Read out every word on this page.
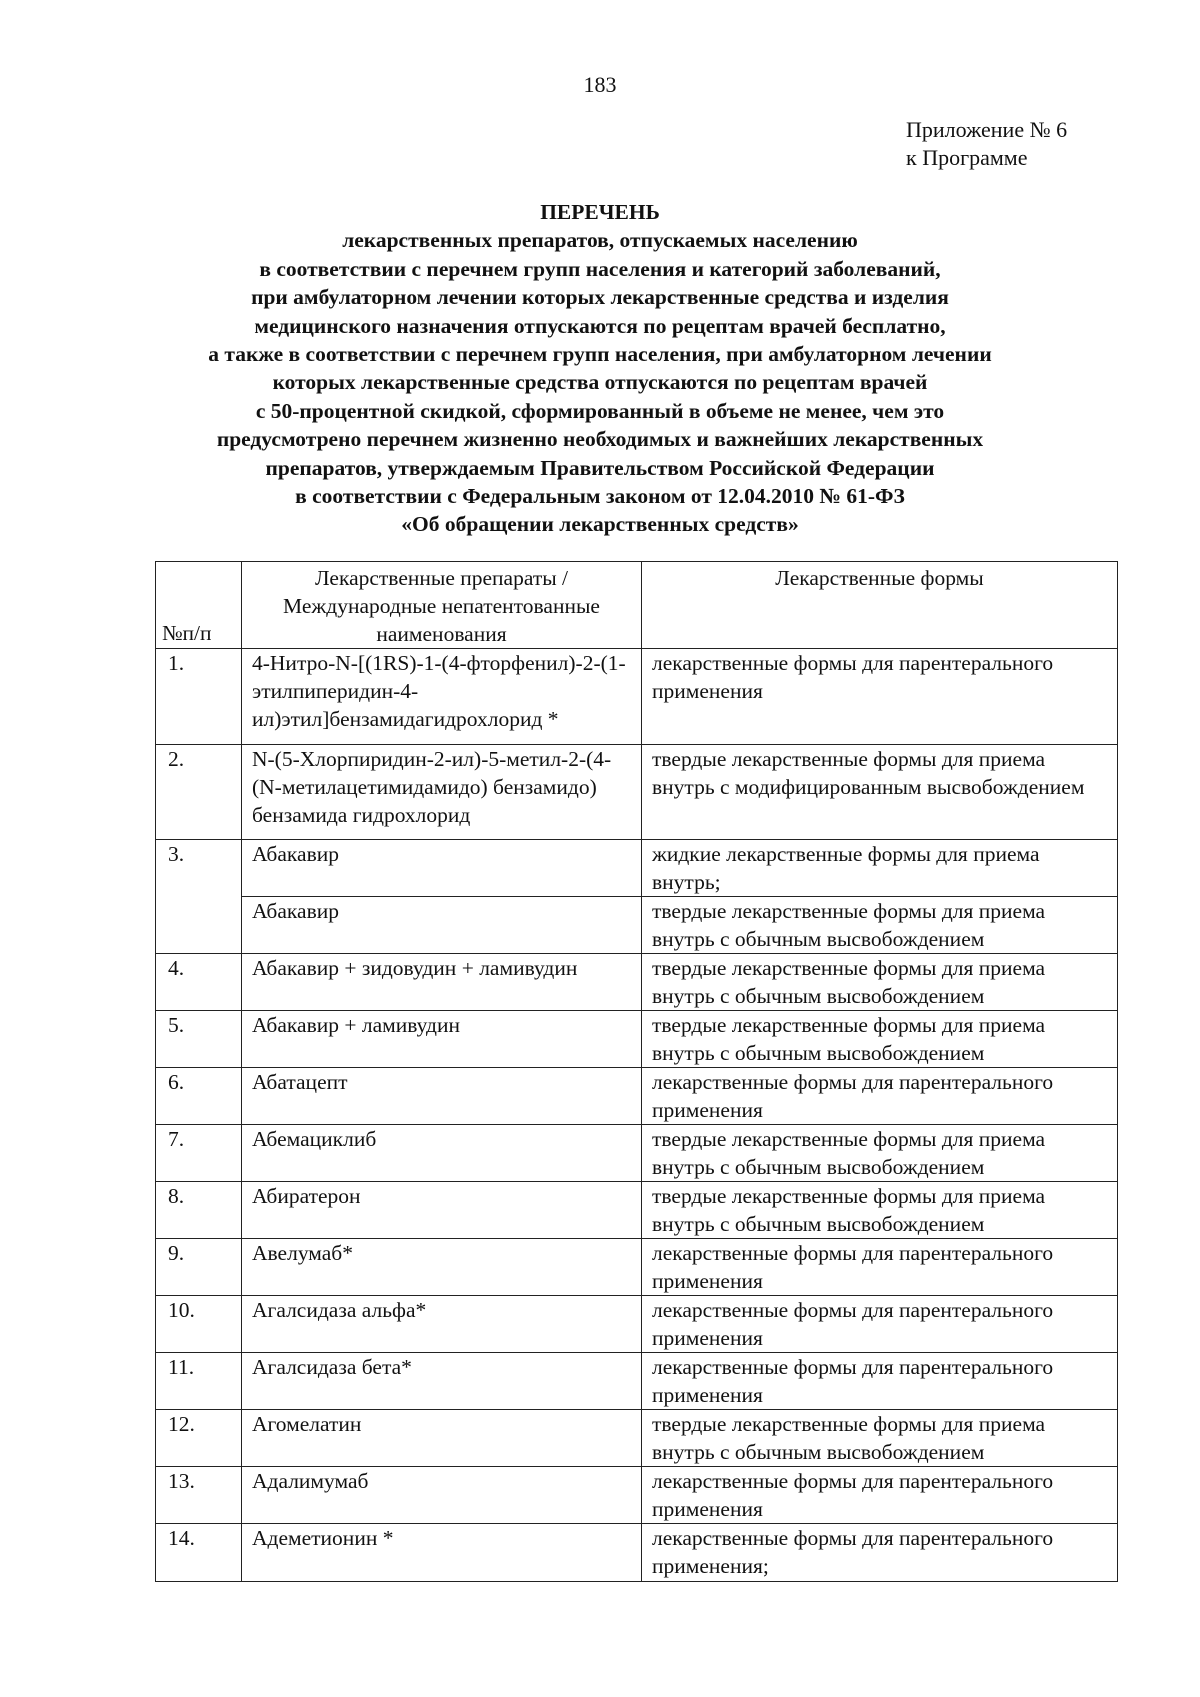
183
Приложение № 6
к Программе
ПЕРЕЧЕНЬ
лекарственных препаратов, отпускаемых населению
в соответствии с перечнем групп населения и категорий заболеваний,
при амбулаторном лечении которых лекарственные средства и изделия
медицинского назначения отпускаются по рецептам врачей бесплатно,
а также в соответствии с перечнем групп населения, при амбулаторном лечении
которых лекарственные средства отпускаются по рецептам врачей
с 50-процентной скидкой, сформированный в объеме не менее, чем это
предусмотрено перечнем жизненно необходимых и важнейших лекарственных
препаратов, утверждаемым Правительством Российской Федерации
в соответствии с Федеральным законом от 12.04.2010 № 61-ФЗ
«Об обращении лекарственных средств»
№п/п	Лекарственные препараты / Международные непатентованные наименования	Лекарственные формы
1.	4-Нитро-N-[(1RS)-1-(4-фторфенил)-2-(1-этилпиперидин-4-ил)этил]бензамидагидрохлорид *	лекарственные формы для парентерального применения
2.	N-(5-Хлорпиридин-2-ил)-5-метил-2-(4-(N-метилацетимидамидо) бензамидо) бензамида гидрохлорид	твердые лекарственные формы для приема внутрь с модифицированным высвобождением
3.	Абакавир	жидкие лекарственные формы для приема внутрь;
	Абакавир	твердые лекарственные формы для приема внутрь с обычным высвобождением
4.	Абакавир + зидовудин + ламивудин	твердые лекарственные формы для приема внутрь с обычным высвобождением
5.	Абакавир + ламивудин	твердые лекарственные формы для приема внутрь с обычным высвобождением
6.	Абатацепт	лекарственные формы для парентерального применения
7.	Абемациклиб	твердые лекарственные формы для приема внутрь с обычным высвобождением
8.	Абиратерон	твердые лекарственные формы для приема внутрь с обычным высвобождением
9.	Авелумаб*	лекарственные формы для парентерального применения
10.	Агалсидаза альфа*	лекарственные формы для парентерального применения
11.	Агалсидаза бета*	лекарственные формы для парентерального применения
12.	Агомелатин	твердые лекарственные формы для приема внутрь с обычным высвобождением
13.	Адалимумаб	лекарственные формы для парентерального применения
14.	Адеметионин *	лекарственные формы для парентерального применения;
